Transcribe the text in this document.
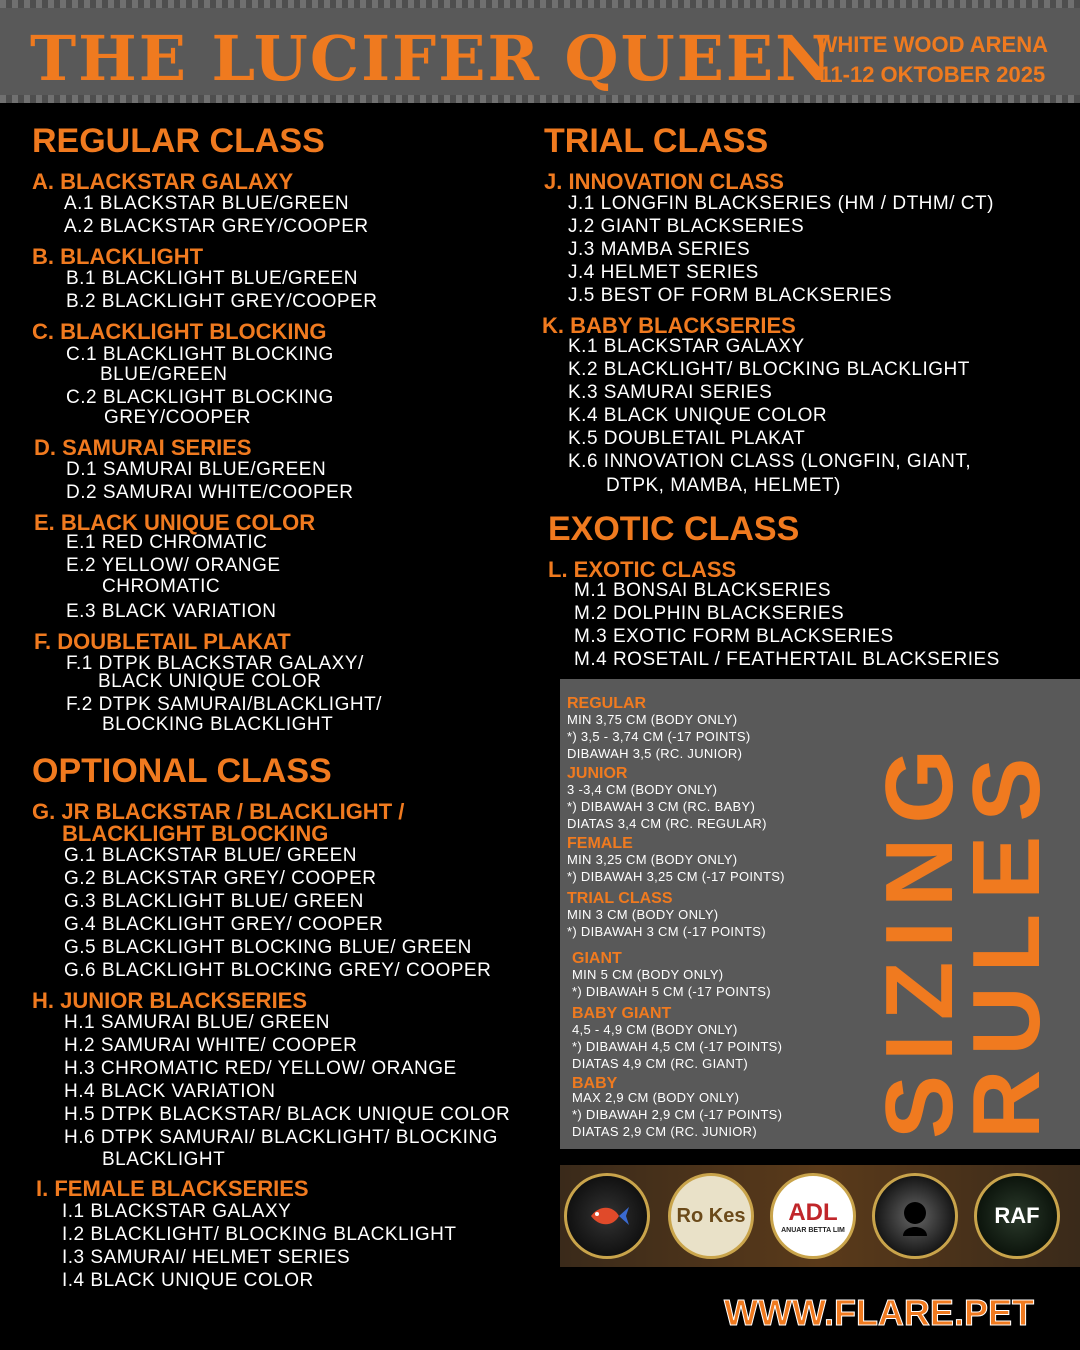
THE LUCIFER QUEEN
WHITE WOOD ARENA
11-12 OKTOBER 2025
REGULAR CLASS
A. BLACKSTAR GALAXY
A.1 BLACKSTAR BLUE/GREEN
A.2 BLACKSTAR GREY/COOPER
B. BLACKLIGHT
B.1 BLACKLIGHT BLUE/GREEN
B.2 BLACKLIGHT GREY/COOPER
C. BLACKLIGHT BLOCKING
C.1 BLACKLIGHT BLOCKING
BLUE/GREEN
C.2 BLACKLIGHT BLOCKING
GREY/COOPER
D. SAMURAI SERIES
D.1 SAMURAI BLUE/GREEN
D.2 SAMURAI WHITE/COOPER
E. BLACK UNIQUE COLOR
E.1 RED CHROMATIC
E.2 YELLOW/ ORANGE
CHROMATIC
E.3 BLACK VARIATION
F. DOUBLETAIL PLAKAT
F.1 DTPK BLACKSTAR GALAXY/
BLACK UNIQUE COLOR
F.2 DTPK SAMURAI/BLACKLIGHT/
BLOCKING BLACKLIGHT
OPTIONAL CLASS
G. JR BLACKSTAR / BLACKLIGHT /
BLACKLIGHT BLOCKING
G.1 BLACKSTAR BLUE/ GREEN
G.2 BLACKSTAR GREY/ COOPER
G.3 BLACKLIGHT BLUE/ GREEN
G.4 BLACKLIGHT GREY/ COOPER
G.5 BLACKLIGHT BLOCKING BLUE/ GREEN
G.6 BLACKLIGHT BLOCKING GREY/ COOPER
H. JUNIOR BLACKSERIES
H.1 SAMURAI BLUE/ GREEN
H.2 SAMURAI WHITE/ COOPER
H.3 CHROMATIC RED/ YELLOW/ ORANGE
H.4 BLACK VARIATION
H.5 DTPK BLACKSTAR/ BLACK UNIQUE COLOR
H.6 DTPK SAMURAI/ BLACKLIGHT/ BLOCKING
BLACKLIGHT
I. FEMALE BLACKSERIES
I.1 BLACKSTAR GALAXY
I.2 BLACKLIGHT/ BLOCKING BLACKLIGHT
I.3 SAMURAI/ HELMET SERIES
I.4 BLACK UNIQUE COLOR
TRIAL CLASS
J. INNOVATION CLASS
J.1 LONGFIN BLACKSERIES (HM / DTHM/ CT)
J.2 GIANT BLACKSERIES
J.3 MAMBA SERIES
J.4 HELMET SERIES
J.5 BEST OF FORM BLACKSERIES
K. BABY BLACKSERIES
K.1 BLACKSTAR GALAXY
K.2 BLACKLIGHT/ BLOCKING BLACKLIGHT
K.3 SAMURAI SERIES
K.4 BLACK UNIQUE COLOR
K.5 DOUBLETAIL PLAKAT
K.6 INNOVATION CLASS (LONGFIN, GIANT,
DTPK, MAMBA, HELMET)
EXOTIC CLASS
L. EXOTIC CLASS
M.1 BONSAI BLACKSERIES
M.2 DOLPHIN BLACKSERIES
M.3 EXOTIC FORM BLACKSERIES
M.4 ROSETAIL / FEATHERTAIL BLACKSERIES
REGULAR
MIN 3,75 CM (BODY ONLY)
*) 3,5 - 3,74 CM (-17 POINTS)
DIBAWAH 3,5 (RC. JUNIOR)
JUNIOR
3 -3,4 CM (BODY ONLY)
*) DIBAWAH 3 CM (RC. BABY)
DIATAS 3,4 CM (RC. REGULAR)
FEMALE
MIN 3,25 CM (BODY ONLY)
*) DIBAWAH 3,25 CM (-17 POINTS)
TRIAL CLASS
MIN 3 CM (BODY ONLY)
*) DIBAWAH 3 CM (-17 POINTS)
GIANT
MIN 5 CM (BODY ONLY)
*) DIBAWAH 5 CM (-17 POINTS)
BABY GIANT
4,5 - 4,9 CM (BODY ONLY)
*) DIBAWAH 4,5 CM (-17 POINTS)
DIATAS 4,9 CM (RC. GIANT)
BABY
MAX 2,9 CM (BODY ONLY)
*) DIBAWAH 2,9 CM (-17 POINTS)
DIATAS 2,9 CM (RC. JUNIOR) SIZING
RULES
Ro Kes	ADL
ANUAR BETTA LIM
RAF
WWW.FLARE.PET
